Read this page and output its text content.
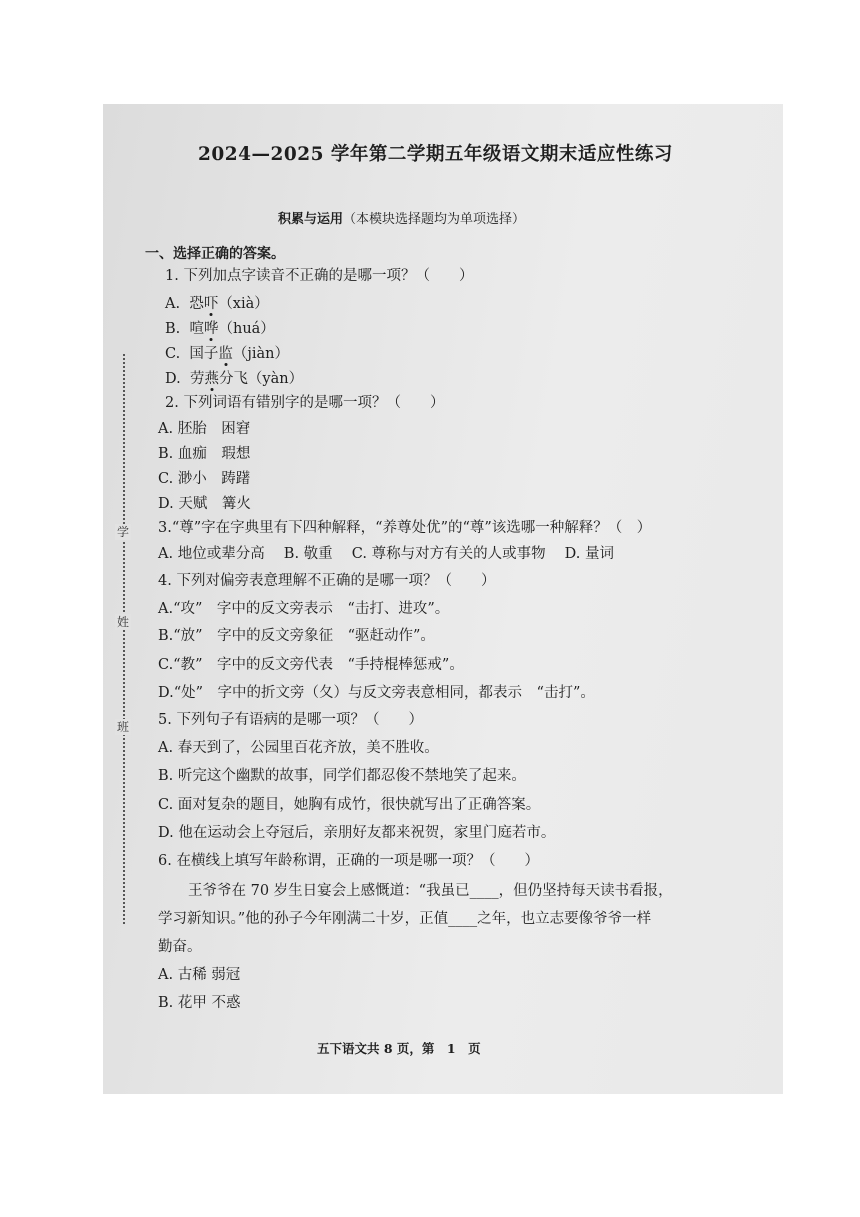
学
姓
班
2024—2025 学年第二学期五年级语文期末适应性练习
积累与运用（本模块选择题均为单项选择）
一、选择正确的答案。
1. 下列加点字读音不正确的是哪一项？（　　）
A. 恐吓（xià）
B. 喧哗（huá）
C. 国子监（jiàn）
D. 劳燕分飞（yàn）
2. 下列词语有错别字的是哪一项？（　　）
A. 胚胎　困窘
B. 血痂　瑕想
C. 渺小　踌躇
D. 天赋　篝火
3.“尊”字在字典里有下四种解释，“养尊处优”的“尊”该选哪一种解释？（　）
A. 地位或辈分高　 B. 敬重　 C. 尊称与对方有关的人或事物　 D. 量词
4. 下列对偏旁表意理解不正确的是哪一项？（　　）
A.“攻”　字中的反文旁表示　“击打、进攻”。
B.“放”　字中的反文旁象征　“驱赶动作”。
C.“教”　字中的反文旁代表　“手持棍棒惩戒”。
D.“处”　字中的折文旁（夂）与反文旁表意相同，都表示　“击打”。
5. 下列句子有语病的是哪一项？（　　）
A. 春天到了，公园里百花齐放，美不胜收。
B. 听完这个幽默的故事，同学们都忍俊不禁地笑了起来。
C. 面对复杂的题目，她胸有成竹，很快就写出了正确答案。
D. 他在运动会上夺冠后，亲朋好友都来祝贺，家里门庭若市。
6. 在横线上填写年龄称谓，正确的一项是哪一项？（　　）
王爷爷在 70 岁生日宴会上感慨道：“我虽已____，但仍坚持每天读书看报，
学习新知识。”他的孙子今年刚满二十岁，正值____之年，也立志要像爷爷一样
勤奋。
A. 古稀 弱冠
B. 花甲 不惑
五下语文共 8 页，第　1　页
